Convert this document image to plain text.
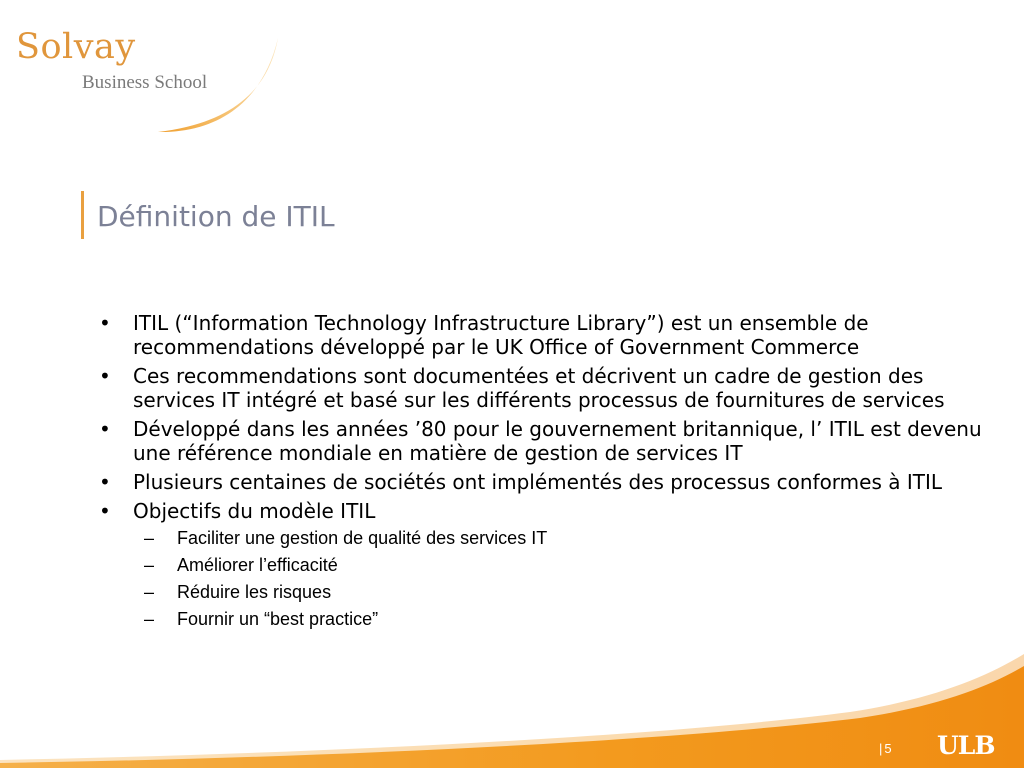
Solvay
Business School
Définition de ITIL
• ITIL (“Information Technology Infrastructure Library”) est un ensemble de recommendations développé par le UK Office of Government Commerce
• Ces recommendations sont documentées et décrivent un cadre de gestion des services IT intégré et basé sur les différents processus de fournitures de services
• Développé dans les années ’80 pour le gouvernement britannique, l’ ITIL est devenu une référence mondiale en matière de gestion de services IT
• Plusieurs centaines de sociétés ont implémentés des processus conformes à ITIL
• Objectifs du modèle ITIL
– Faciliter une gestion de qualité des services IT
– Améliorer l’efficacité
– Réduire les risques
– Fournir un “best practice”
| 5 ULB
